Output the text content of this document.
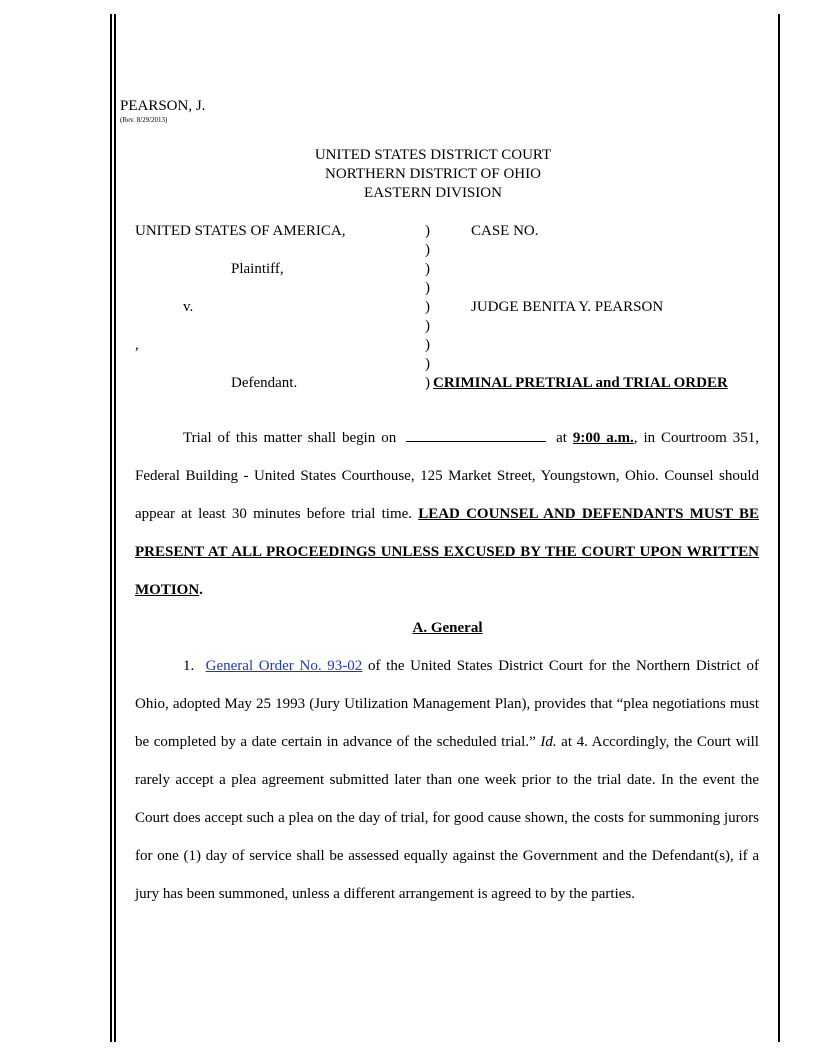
PEARSON, J.
(Rev. 8/29/2013)
UNITED STATES DISTRICT COURT
NORTHERN DISTRICT OF OHIO
EASTERN DIVISION
UNITED STATES OF AMERICA,
Plaintiff,
v.
,
Defendant.
)
)
)
)
)
)
)
)
)
CASE NO.
JUDGE BENITA Y. PEARSON
CRIMINAL PRETRIAL and TRIAL ORDER
Trial of this matter shall begin on	at 9:00 a.m., in Courtroom 351, Federal Building - United States Courthouse, 125 Market Street, Youngstown, Ohio. Counsel should appear at least 30 minutes before trial time. LEAD COUNSEL AND DEFENDANTS MUST BE PRESENT AT ALL PROCEEDINGS UNLESS EXCUSED BY THE COURT UPON WRITTEN MOTION.
A. General
1. General Order No. 93-02 of the United States District Court for the Northern District of Ohio, adopted May 25 1993 (Jury Utilization Management Plan), provides that “plea negotiations must be completed by a date certain in advance of the scheduled trial.” Id. at 4. Accordingly, the Court will rarely accept a plea agreement submitted later than one week prior to the trial date. In the event the Court does accept such a plea on the day of trial, for good cause shown, the costs for summoning jurors for one (1) day of service shall be assessed equally against the Government and the Defendant(s), if a jury has been summoned, unless a different arrangement is agreed to by the parties.
